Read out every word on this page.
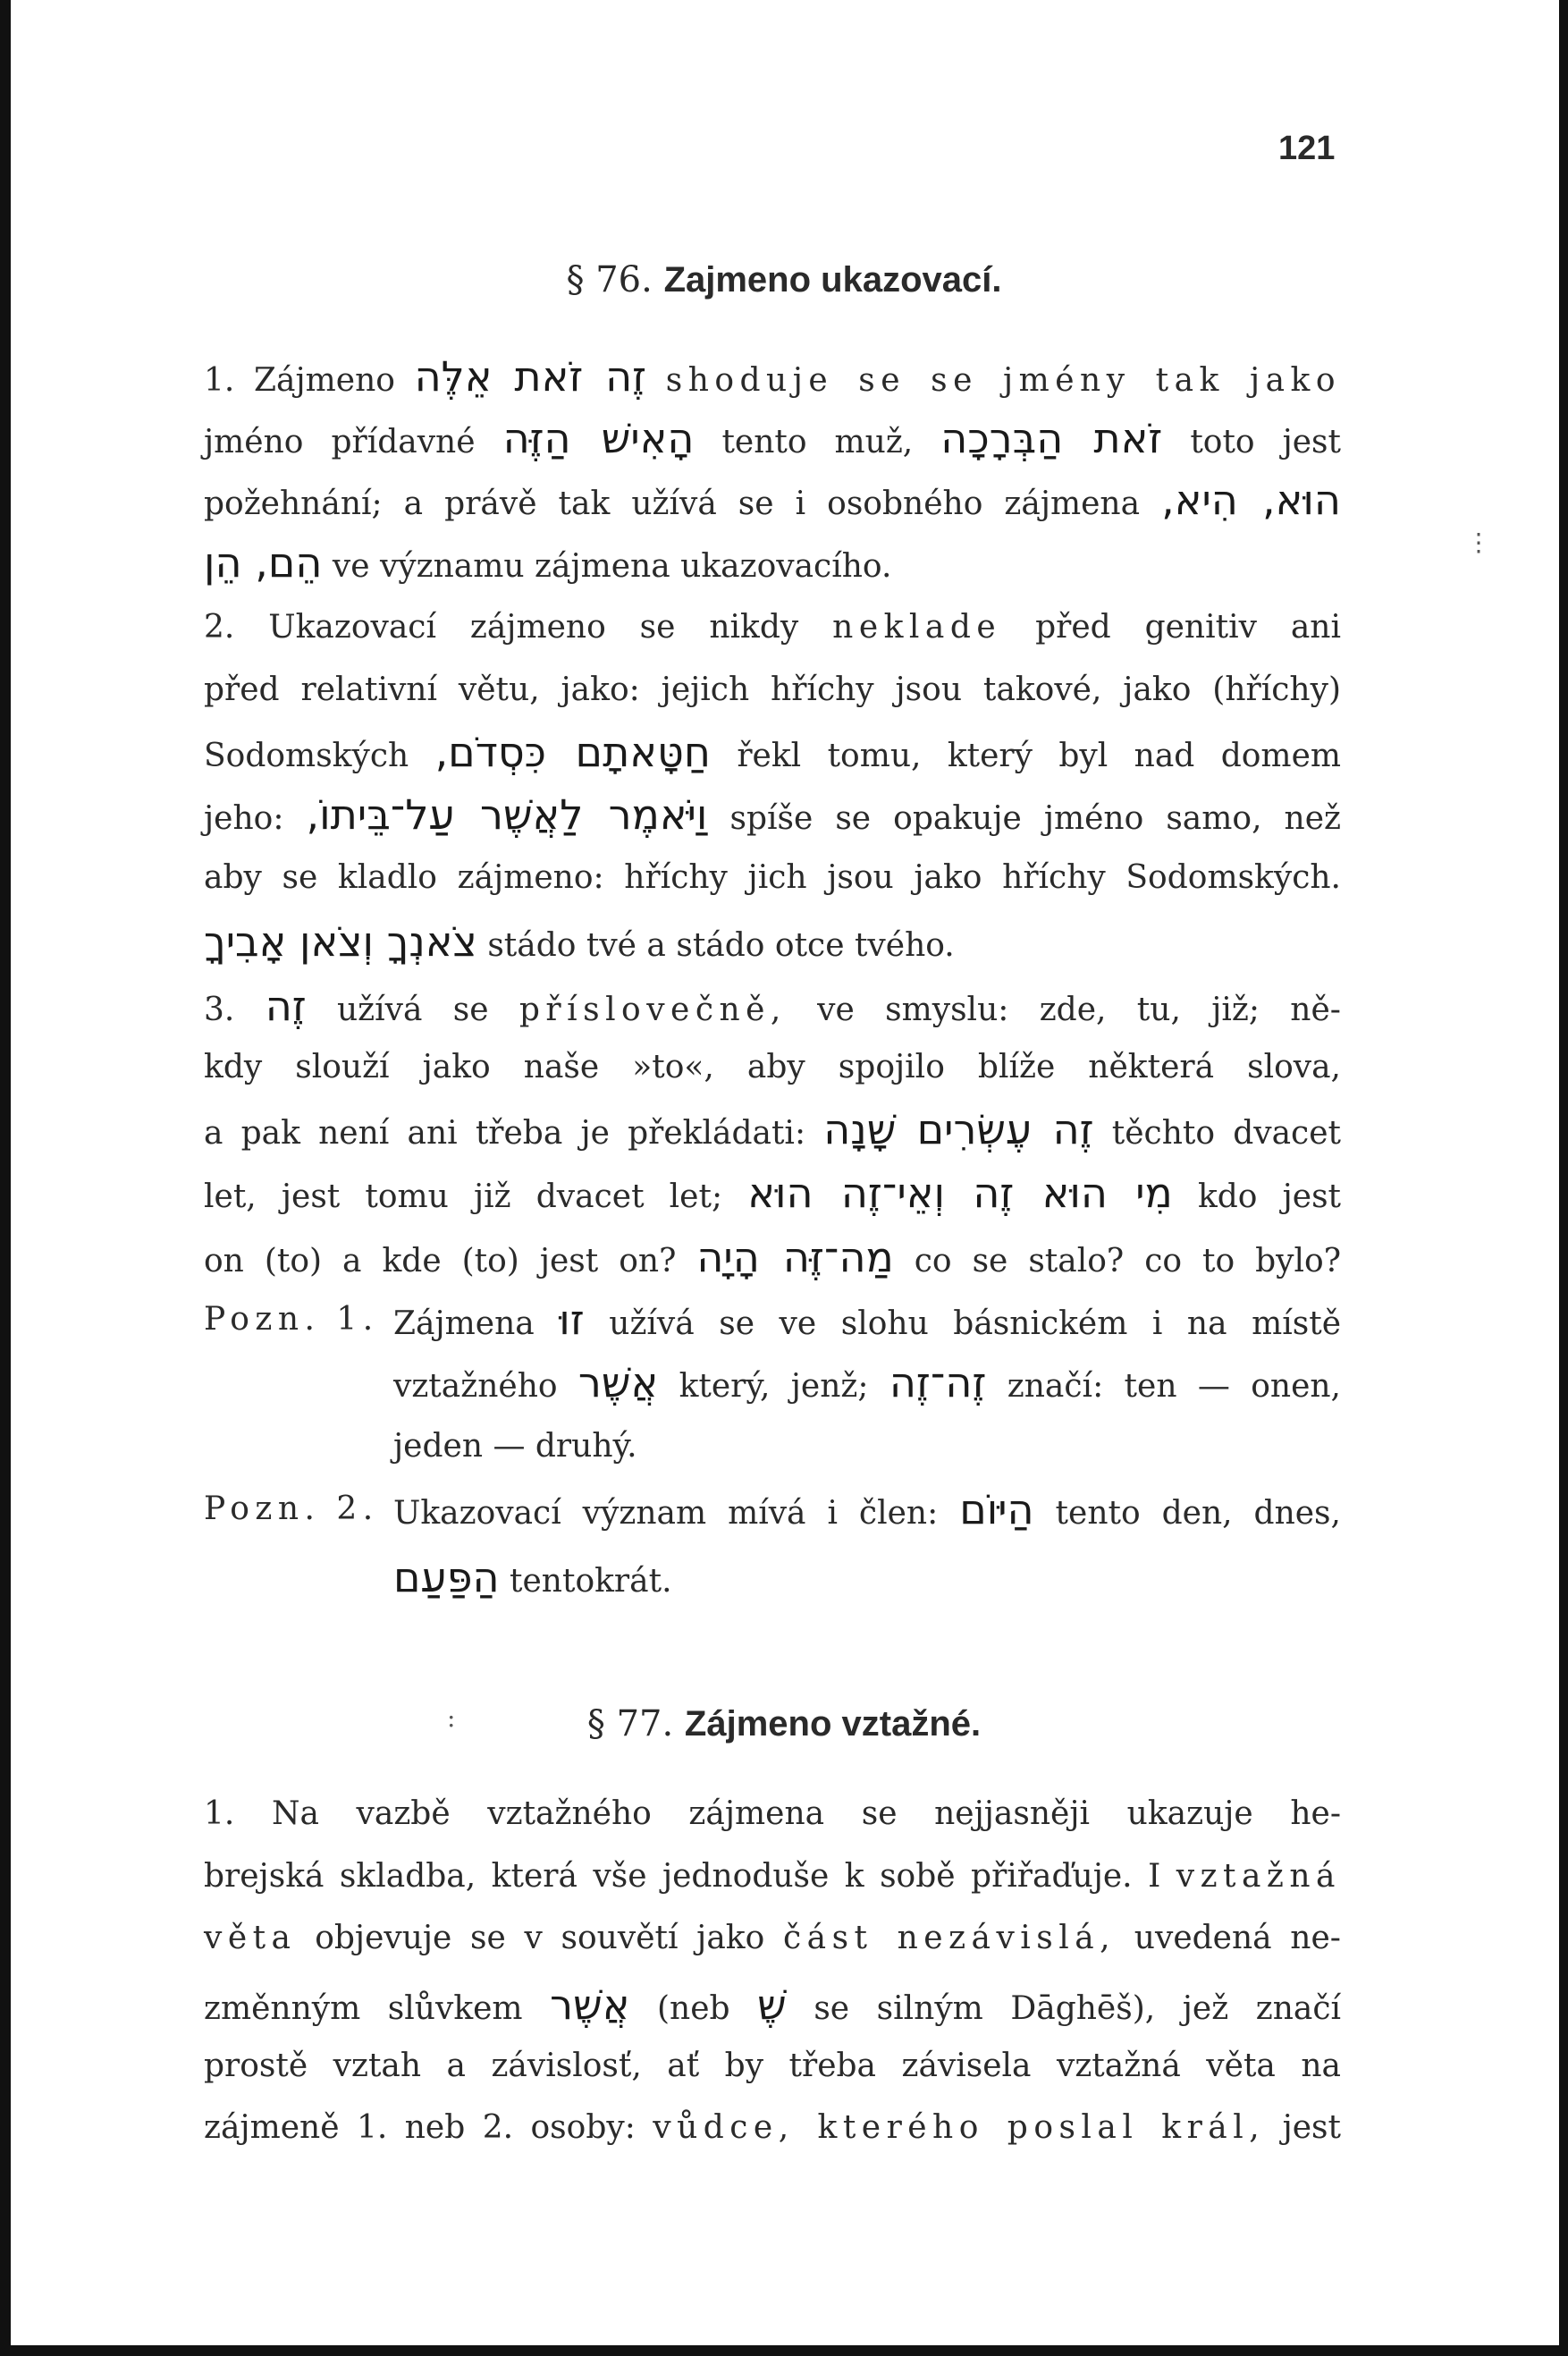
121
§ 76. Zajmeno ukazovací.
1. Zájmeno זֶה זֹאת אֵלֶּה shoduje se se jmény tak jako
jméno přídavné הָאִישׁ הַזֶּה tento muž, זֹאת הַבְּרָכָה toto jest
požehnání; a právě tak užívá se i osobného zájmena הוּא, הִיא,
הֵם, הֵן ve významu zájmena ukazovacího.
2. Ukazovací zájmeno se nikdy neklade před genitiv ani
před relativní větu, jako: jejich hříchy jsou takové, jako (hříchy)
Sodomských חַטָּאתָם כִּסְדֹם, řekl tomu, který byl nad domem
jeho: וַיֹּאמֶר לַאֲשֶׁר עַל־בֵּיתוֹ, spíše se opakuje jméno samo, než
aby se kladlo zájmeno: hříchy jich jsou jako hříchy Sodomských.
צֹאנְךָ וְצֹאן אָבִיךָ stádo tvé a stádo otce tvého.
3. זֶה užívá se příslovečně, ve smyslu: zde, tu, již; ně-
kdy slouží jako naše »to«, aby spojilo blíže některá slova,
a pak není ani třeba je překládati: זֶה עֶשְׂרִים שָׁנָה těchto dvacet
let, jest tomu již dvacet let; מִי הוּא זֶה וְאֵי־זֶה הוּא kdo jest
on (to) a kde (to) jest on? מַה־זֶּה הָיָה co se stalo? co to bylo?
Pozn. 1. Zájmena זוּ užívá se ve slohu básnickém i na místě
vztažného אֲשֶׁר který, jenž; זֶה־זֶה značí: ten — onen,
jeden — druhý.
Pozn. 2. Ukazovací význam mívá i člen: הַיּוֹם tento den, dnes,
הַפַּעַם tentokrát.
§ 77. Zájmeno vztažné.
1. Na vazbě vztažného zájmena se nejjasněji ukazuje he-
brejská skladba, která vše jednoduše k sobě přiřaďuje. I vztažná
věta objevuje se v souvětí jako část nezávislá, uvedená ne-
změnným slůvkem אֲשֶׁר (neb שֶׁ se silným Dāghēš), jež značí
prostě vztah a závislosť, ať by třeba závisela vztažná věta na
zájmeně 1. neb 2. osoby: vůdce, kterého poslal král, jest
⋮
:
